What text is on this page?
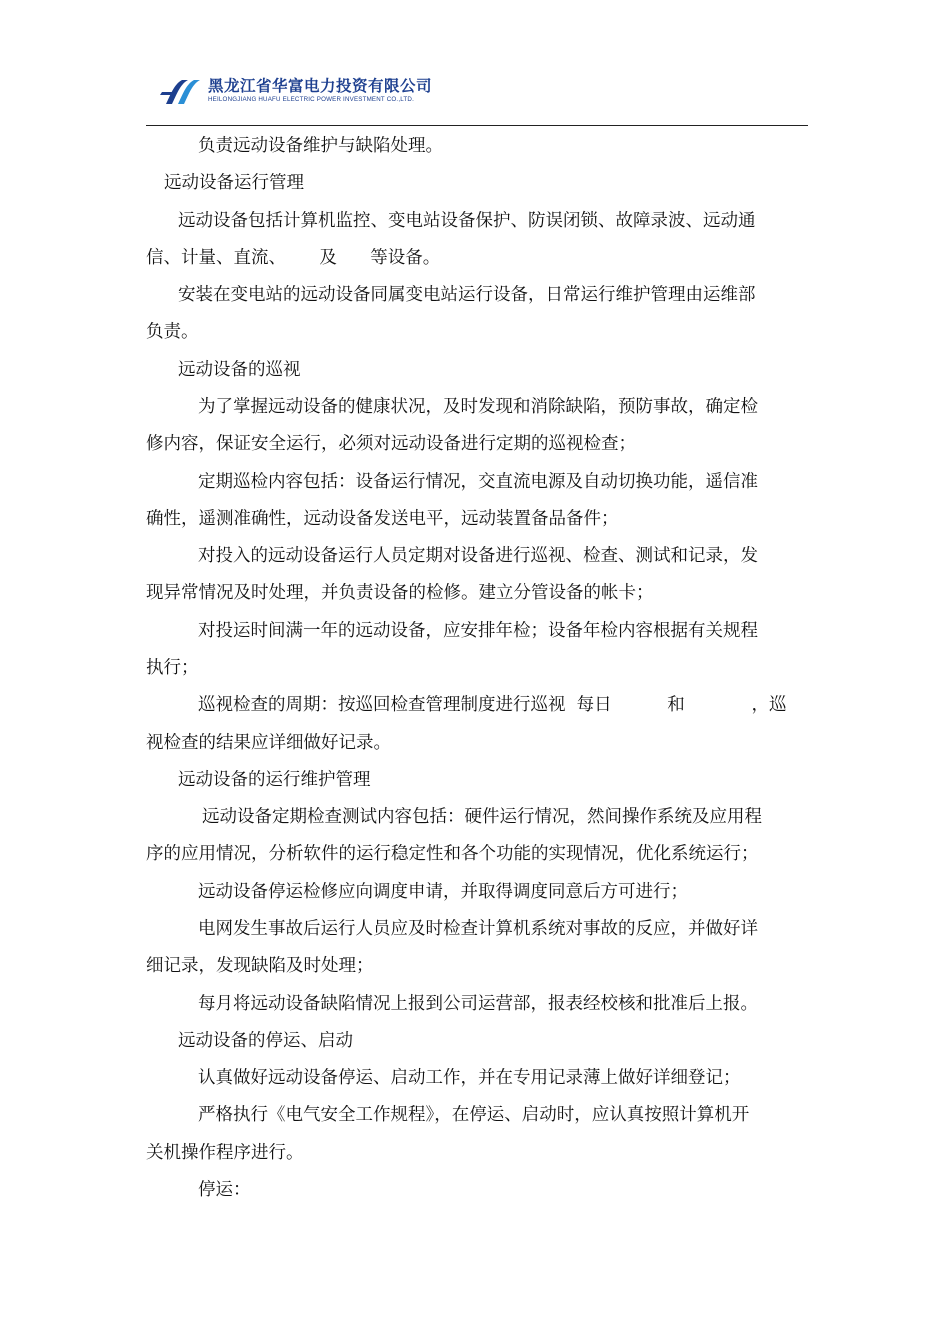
黑龙江省华富电力投资有限公司
HEILONGJIANG HUAFU ELECTRIC POWER INVESTMENT CO.,LTD.
负责远动设备维护与缺陷处理。
远动设备运行管理
远动设备包括计算机监控、变电站设备保护、防误闭锁、故障录波、远动通
信、计量、直流、      及      等设备。
安装在变电站的远动设备同属变电站运行设备，日常运行维护管理由运维部
负责。
远动设备的巡视
为了掌握远动设备的健康状况，及时发现和消除缺陷，预防事故，确定检
修内容，保证安全运行，必须对远动设备进行定期的巡视检查；
定期巡检内容包括：设备运行情况，交直流电源及自动切换功能，遥信准
确性，遥测准确性，远动设备发送电平，远动装置备品备件；
对投入的远动设备运行人员定期对设备进行巡视、检查、测试和记录，发
现异常情况及时处理，并负责设备的检修。建立分管设备的帐卡；
对投运时间满一年的远动设备，应安排年检；设备年检内容根据有关规程
执行；
巡视检查的周期：按巡回检查管理制度进行巡视  每日          和            ，巡
视检查的结果应详细做好记录。
远动设备的运行维护管理
远动设备定期检查测试内容包括：硬件运行情况，然间操作系统及应用程
序的应用情况，分析软件的运行稳定性和各个功能的实现情况，优化系统运行；
远动设备停运检修应向调度申请，并取得调度同意后方可进行；
电网发生事故后运行人员应及时检查计算机系统对事故的反应，并做好详
细记录，发现缺陷及时处理；
每月将远动设备缺陷情况上报到公司运营部，报表经校核和批准后上报。
远动设备的停运、启动
认真做好远动设备停运、启动工作，并在专用记录薄上做好详细登记；
严格执行《电气安全工作规程》，在停运、启动时，应认真按照计算机开
关机操作程序进行。
停运：
